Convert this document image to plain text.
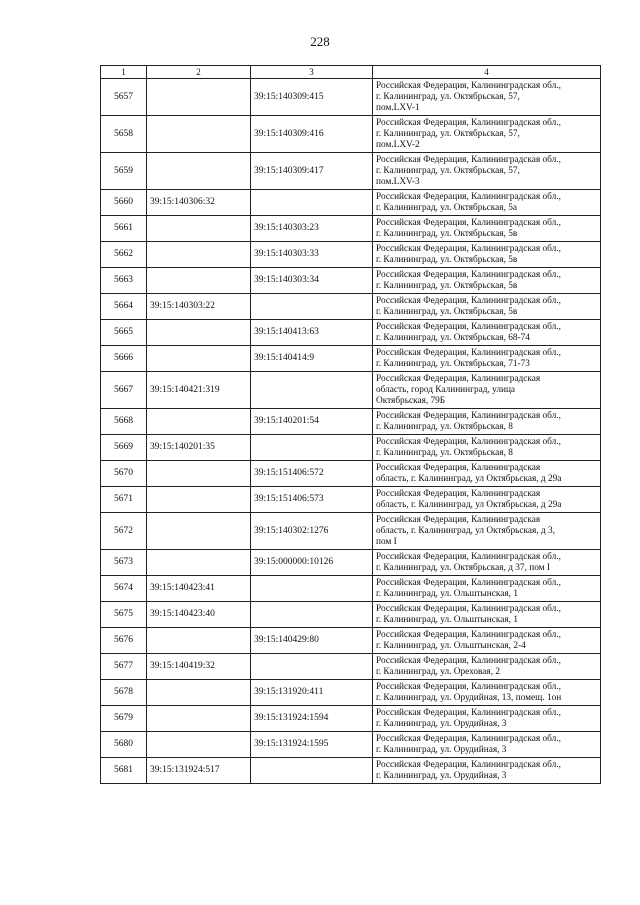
228
1	2	3	4
5657		39:15:140309:415	Российская Федерация, Калининградская обл.,
г. Калининград, ул. Октябрьская, 57,
пом.LXV-1

5658		39:15:140309:416	Российская Федерация, Калининградская обл.,
г. Калининград, ул. Октябрьская, 57,
пом.LXV-2

5659		39:15:140309:417	Российская Федерация, Калининградская обл.,
г. Калининград, ул. Октябрьская, 57,
пом.LXV-3

5660	39:15:140306:32		Российская Федерация, Калининградская обл.,
г. Калининград, ул. Октябрьская, 5а

5661		39:15:140303:23	Российская Федерация, Калининградская обл.,
г. Калининград, ул. Октябрьская, 5в

5662		39:15:140303:33	Российская Федерация, Калининградская обл.,
г. Калининград, ул. Октябрьская, 5в

5663		39:15:140303:34	Российская Федерация, Калининградская обл.,
г. Калининград, ул. Октябрьская, 5в

5664	39:15:140303:22		Российская Федерация, Калининградская обл.,
г. Калининград, ул. Октябрьская, 5в

5665		39:15:140413:63	Российская Федерация, Калининградская обл.,
г. Калининград, ул. Октябрьская, 68-74

5666		39:15:140414:9	Российская Федерация, Калининградская обл.,
г. Калининград, ул. Октябрьская, 71-73

5667	39:15:140421:319		Российская Федерация, Калининградская
область, город Калининград, улица
Октябрьская, 79Б

5668		39:15:140201:54	Российская Федерация, Калининградская обл.,
г. Калининград, ул. Октябрьская, 8

5669	39:15:140201:35		Российская Федерация, Калининградская обл.,
г. Калининград, ул. Октябрьская, 8

5670		39:15:151406:572	Российская Федерация, Калининградская
область, г. Калининград, ул Октябрьская, д 29а

5671		39:15:151406:573	Российская Федерация, Калининградская
область, г. Калининград, ул Октябрьская, д 29а

5672		39:15:140302:1276	Российская Федерация, Калининградская
область, г. Калининград, ул Октябрьская, д 3,
пом I

5673		39:15:000000:10126	Российская Федерация, Калининградская обл.,
г. Калининград, ул. Октябрьская, д 37, пом I

5674	39:15:140423:41		Российская Федерация, Калининградская обл.,
г. Калининград, ул. Ольштынская, 1

5675	39:15:140423:40		Российская Федерация, Калининградская обл.,
г. Калининград, ул. Ольштынская, 1

5676		39:15:140429:80	Российская Федерация, Калининградская обл.,
г. Калининград, ул. Ольштынская, 2-4

5677	39:15:140419:32		Российская Федерация, Калининградская обл.,
г. Калининград, ул. Ореховая, 2

5678		39:15:131920:411	Российская Федерация, Калининградская обл.,
г. Калининград, ул. Орудийная, 13, помещ. 1он

5679		39:15:131924:1594	Российская Федерация, Калининградская обл.,
г. Калининград, ул. Орудийная, 3

5680		39:15:131924:1595	Российская Федерация, Калининградская обл.,
г. Калининград, ул. Орудийная, 3

5681	39:15:131924:517		Российская Федерация, Калининградская обл.,
г. Калининград, ул. Орудийная, 3
